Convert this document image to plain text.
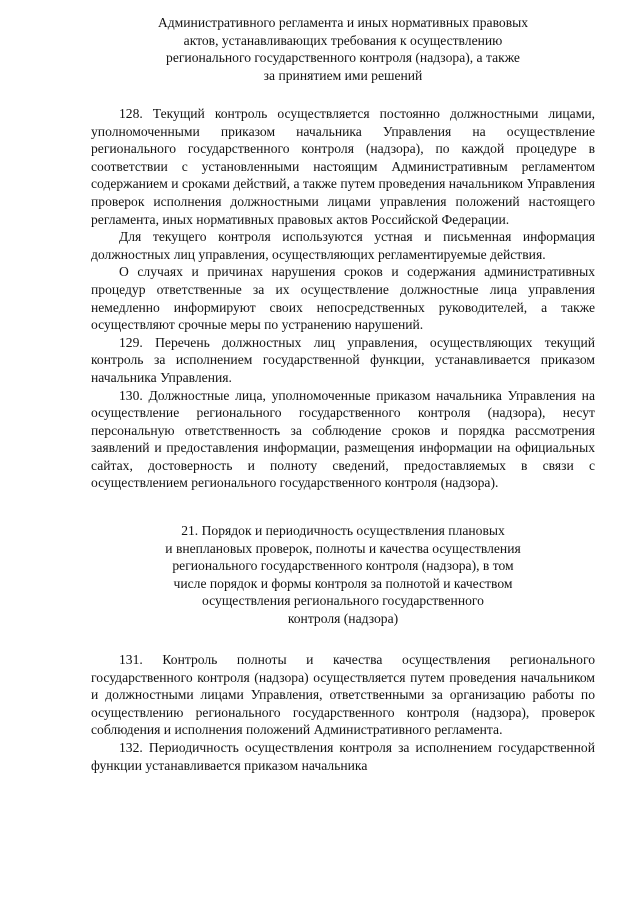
Административного регламента и иных нормативных правовых
актов, устанавливающих требования к осуществлению
регионального государственного контроля (надзора), а также
за принятием ими решений

128. Текущий контроль осуществляется постоянно должностными лицами, уполномоченными приказом начальника Управления на осуществление регионального государственного контроля (надзора), по каждой процедуре в соответствии с установленными настоящим Административным регламентом содержанием и сроками действий, а также путем проведения начальником Управления проверок исполнения должностными лицами управления положений настоящего регламента, иных нормативных правовых актов Российской Федерации.

Для текущего контроля используются устная и письменная информация должностных лиц управления, осуществляющих регламентируемые действия.

О случаях и причинах нарушения сроков и содержания административных процедур ответственные за их осуществление должностные лица управления немедленно информируют своих непосредственных руководителей, а также осуществляют срочные меры по устранению нарушений.

129. Перечень должностных лиц управления, осуществляющих текущий контроль за исполнением государственной функции, устанавливается приказом начальника Управления.

130. Должностные лица, уполномоченные приказом начальника Управления на осуществление регионального государственного контроля (надзора), несут персональную ответственность за соблюдение сроков и порядка рассмотрения заявлений и предоставления информации, размещения информации на официальных сайтах, достоверность и полноту сведений, предоставляемых в связи с осуществлением регионального государственного контроля (надзора).

21. Порядок и периодичность осуществления плановых
и внеплановых проверок, полноты и качества осуществления
регионального государственного контроля (надзора), в том
числе порядок и формы контроля за полнотой и качеством
осуществления регионального государственного
контроля (надзора)

131. Контроль полноты и качества осуществления регионального государственного контроля (надзора) осуществляется путем проведения начальником и должностными лицами Управления, ответственными за организацию работы по осуществлению регионального государственного контроля (надзора), проверок соблюдения и исполнения положений Административного регламента.

132. Периодичность осуществления контроля за исполнением государственной функции устанавливается приказом начальника
